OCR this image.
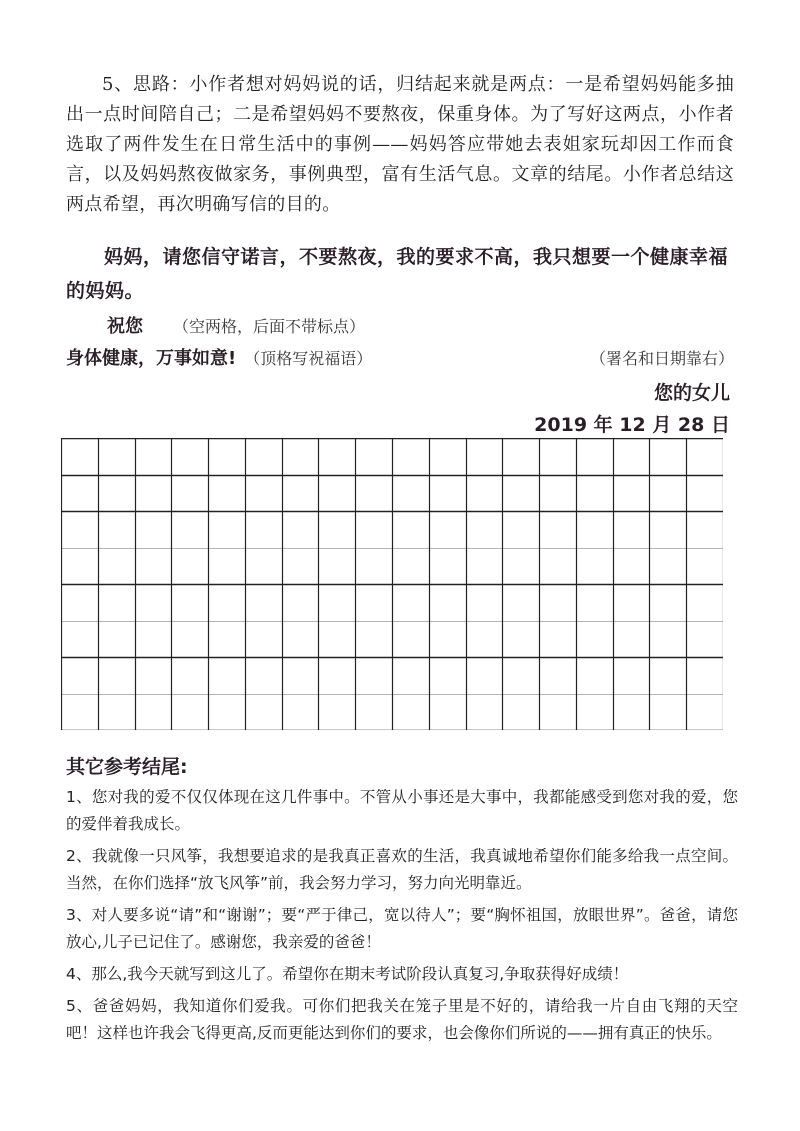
5、思路：小作者想对妈妈说的话，归结起来就是两点：一是希望妈妈能多抽出一点时间陪自己；二是希望妈妈不要熬夜，保重身体。为了写好这两点，小作者选取了两件发生在日常生活中的事例——妈妈答应带她去表姐家玩却因工作而食言，以及妈妈熬夜做家务，事例典型，富有生活气息。文章的结尾。小作者总结这两点希望，再次明确写信的目的。
妈妈，请您信守诺言，不要熬夜，我的要求不高，我只想要一个健康幸福的妈妈。
祝您 （空两格，后面不带标点）
身体健康，万事如意! （顶格写祝福语）	（署名和日期靠右）
您的女儿
2019 年 12 月 28 日
其它参考结尾:

1、您对我的爱不仅仅体现在这几件事中。不管从小事还是大事中，我都能感受到您对我的爱，您的爱伴着我成长。

2、我就像一只风筝，我想要追求的是我真正喜欢的生活，我真诚地希望你们能多给我一点空间。当然，在你们选择“放飞风筝”前，我会努力学习，努力向光明靠近。

3、对人要多说“请”和“谢谢”；要“严于律己，宽以待人”；要“胸怀祖国，放眼世界”。爸爸，请您放心,儿子已记住了。感谢您，我亲爱的爸爸！

4、那么,我今天就写到这儿了。希望你在期末考试阶段认真复习,争取获得好成绩！

5、爸爸妈妈，我知道你们爱我。可你们把我关在笼子里是不好的，请给我一片自由飞翔的天空吧！这样也许我会飞得更高,反而更能达到你们的要求，也会像你们所说的——拥有真正的快乐。
